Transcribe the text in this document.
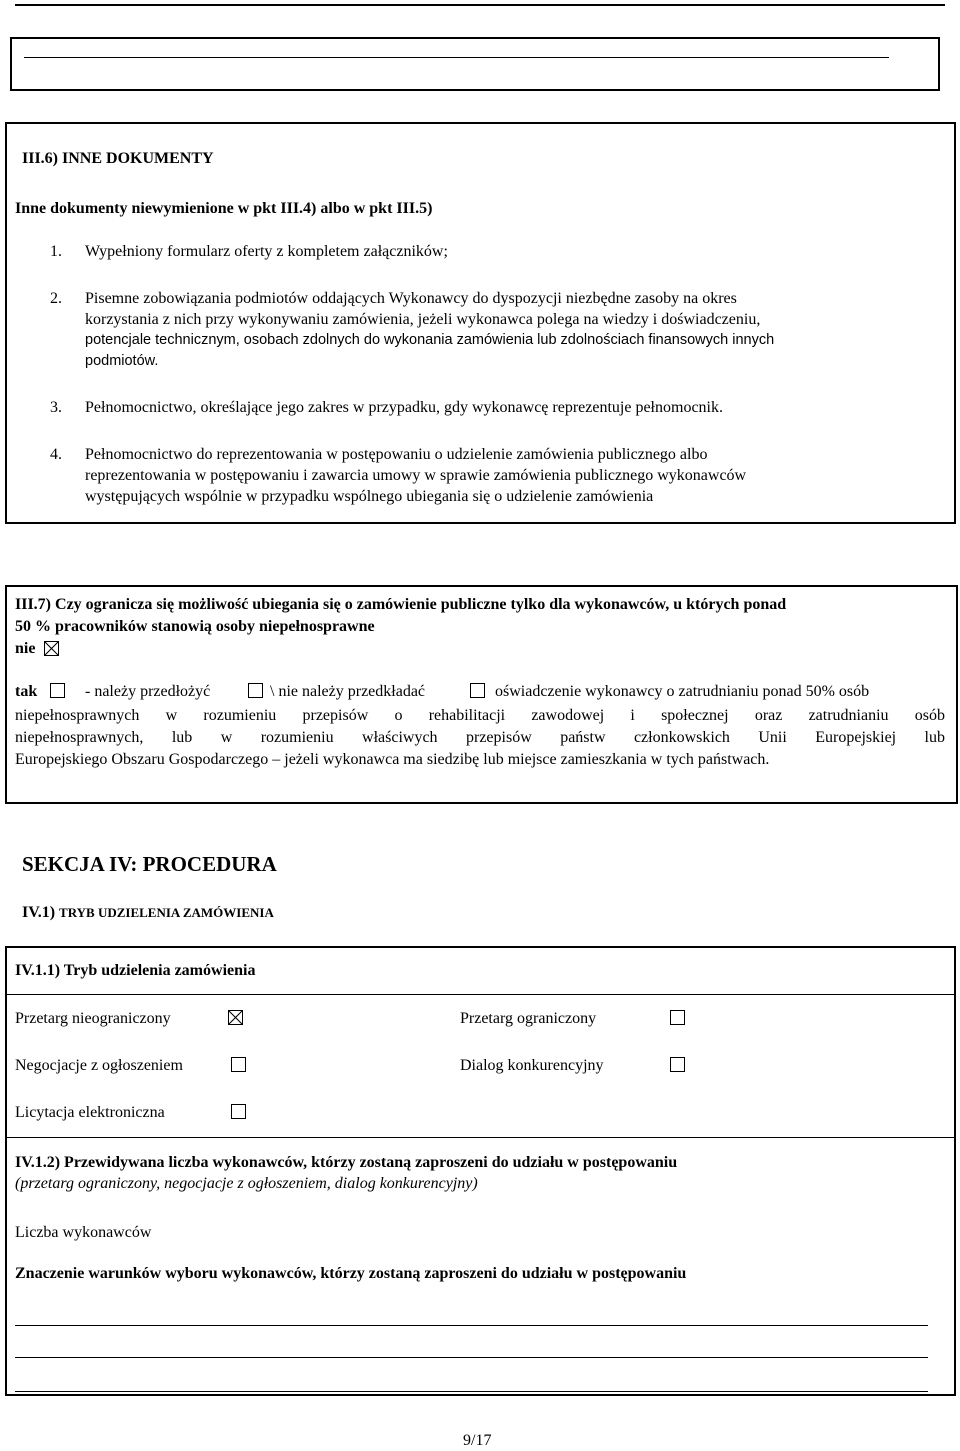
III.6) INNE DOKUMENTY
Inne dokumenty niewymienione w pkt III.4) albo w pkt III.5)
1. Wypełniony formularz oferty z kompletem załączników;
2. Pisemne zobowiązania podmiotów oddających Wykonawcy do dyspozycji niezbędne zasoby na okres
korzystania z nich przy wykonywaniu zamówienia, jeżeli wykonawca polega na wiedzy i doświadczeniu,
potencjale technicznym, osobach zdolnych do wykonania zamówienia lub zdolnościach finansowych innych
podmiotów.
3. Pełnomocnictwo, określające jego zakres w przypadku, gdy wykonawcę reprezentuje pełnomocnik.
4. Pełnomocnictwo do reprezentowania w postępowaniu o udzielenie zamówienia publicznego albo
reprezentowania w postępowaniu i zawarcia umowy w sprawie zamówienia publicznego wykonawców
występujących wspólnie w przypadku wspólnego ubiegania się o udzielenie zamówienia
III.7) Czy ogranicza się możliwość ubiegania się o zamówienie publiczne tylko dla wykonawców, u których ponad
50 % pracowników stanowią osoby niepełnosprawne
nie
tak	- należy przedłożyć	\ nie należy przedkładać	oświadczenie wykonawcy o zatrudnianiu ponad 50% osób
niepełnosprawnych w rozumieniu przepisów o rehabilitacji zawodowej i społecznej oraz zatrudnianiu osób
niepełnosprawnych, lub w rozumieniu właściwych przepisów państw członkowskich Unii Europejskiej lub
Europejskiego Obszaru Gospodarczego – jeżeli wykonawca ma siedzibę lub miejsce zamieszkania w tych państwach.
SEKCJA IV: PROCEDURA
IV.1) TRYB UDZIELENIA ZAMÓWIENIA
IV.1.1) Tryb udzielenia zamówienia
Przetarg nieograniczony	Przetarg ograniczony
Negocjacje z ogłoszeniem	Dialog konkurencyjny
Licytacja elektroniczna
IV.1.2) Przewidywana liczba wykonawców, którzy zostaną zaproszeni do udziału w postępowaniu
(przetarg ograniczony, negocjacje z ogłoszeniem, dialog konkurencyjny)
Liczba wykonawców
Znaczenie warunków wyboru wykonawców, którzy zostaną zaproszeni do udziału w postępowaniu
9/17
